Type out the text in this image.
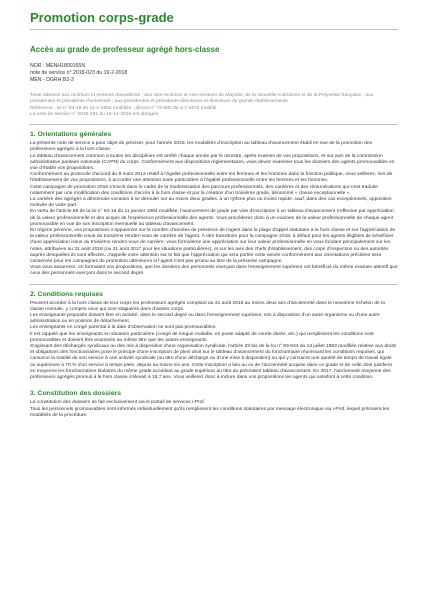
Promotion corps-grade
Accès au grade de professeur agrégé hors-classe
NOR : MENH1800165N
note de service n° 2018-023 du 19-2-2018
MEN - DGRH B2-3

Texte adressé aux rectrices et recteurs d'académie ; aux vice-rectrices et vice-recteurs de Mayotte, de la Nouvelle-Calédonie et de la Polynésie française ; aux présidentes et présidents d'université ; aux présidentes et présidents-directrices et directeurs de grands établissements

Référence : loi n° 84-16 du 11-1-1984 modifiée ; décret n° 72-580 du 4-7-1972 modifié

La note de service n° 2016-191 du 15-12-2016 est abrogée

1. Orientations générales

La présente note de service a pour objet de préciser, pour l'année 2018, les modalités d'inscription au tableau d'avancement établi en vue de la promotion des professeurs agrégés à la hors classe.

Le tableau d'avancement commun à toutes les disciplines est arrêté chaque année par le ministre, après examen de vos propositions, et sur avis de la commission administrative paritaire nationale (CAPN) du corps. Conformément aux dispositions réglementaires, vous devez examiner tous les dossiers des agents promouvables en vue d'établir vos propositions.

Conformément au protocole d'accord du 8 mars 2013 relatif à l'égalité professionnelle entre les femmes et les hommes dans la fonction publique, vous veillerez, lors de l'établissement de vos propositions, à accorder une attention toute particulière à l'égalité professionnelle entre les femmes et les hommes.

Cette campagne de promotion 2018 s'inscrit dans le cadre de la modernisation des parcours professionnels, des carrières et des rémunérations qui s'est traduite notamment par une modification des conditions d'accès à la hors classe et par la création d'un troisième grade, dénommé « classe exceptionnelle ».

La carrière des agrégés a désormais vocation à se dérouler sur au moins deux grades, à un rythme plus ou moins rapide, sauf, dans des cas exceptionnels, opposition motivée de votre part.

En vertu de l'article 58 de la loi n° 84-16 du 11 janvier 1984 modifiée, l'avancement de grade par voie d'inscription à un tableau d'avancement s'effectue par appréciation de la valeur professionnelle et des acquis de l'expérience professionnelle des agents. Vous procéderez donc à un examen de la valeur professionnelle de chaque agent promouvable en vue de son inscription éventuelle au tableau d'avancement.

En régime pérenne, vos propositions s'appuieront sur le nombre d'années de présence de l'agent dans la plage d'appel statutaire à la hors classe et sur l'appréciation de la valeur professionnelle issue du troisième rendez-vous de carrière de l'agent. À titre transitoire pour la campagne 2018, à défaut pour les agents éligibles de bénéficier d'une appréciation issue du troisième rendez-vous de carrière, vous formulerez une appréciation sur leur valeur professionnelle en vous fondant principalement sur les notes, attribuées au 31 août 2016 (ou 31 août 2017 pour les situations particulières), et sur les avis des chefs d'établissement, des corps d'inspection ou des autorités auprès desquelles ils sont affectés. J'appelle votre attention sur le fait que l'appréciation qui sera portée cette année conformément aux orientations précitées sera conservée pour les campagnes de promotion ultérieures si l'agent n'est pas promu au titre de la présente campagne.

Vous vous assurerez, en formulant vos propositions, que les dossiers des personnels exerçant dans l'enseignement supérieur ont bénéficié du même examen attentif que ceux des personnels exerçant dans le second degré.

2. Conditions requises

Peuvent accéder à la hors classe de leur corps les professeurs agrégés comptant au 31 août 2018 au moins deux ans d'ancienneté dans le neuvième échelon de la classe normale, y compris ceux qui sont stagiaires dans d'autres corps.

Les enseignants proposés doivent être en activité, dans le second degré ou dans l'enseignement supérieur, mis à disposition d'un autre organisme ou d'une autre administration ou en position de détachement.

Les enseignants en congé parental à la date d'observation ne sont pas promouvables.

Il est rappelé que les enseignants en situation particulière (congé de longue maladie, en poste adapté de courte durée, etc.) qui remplissent les conditions sont promouvables et doivent être examinés au même titre que les autres enseignants.

S'agissant des déchargés syndicaux ou des mis à disposition d'une organisation syndicale, l'article 23 bis de la loi n° 83-634 du 13 juillet 1983 modifiée relative aux droits et obligations des fonctionnaires pose le principe d'une inscription de plein droit sur le tableau d'avancement du fonctionnaire réunissant les conditions requises, qui consacre la totalité de son service à une activité syndicale (ou titre d'une décharge ou d'une mise à disposition) ou qui y consacre une quotité de temps de travail égale ou supérieure à 70 % d'un service à temps plein, depuis au moins six ans. Cette inscription a lieu au vu de l'ancienneté acquise dans ce grade et de celle dont justifient en moyenne les fonctionnaires titulaires du même grade accédant au grade supérieur au titre du précédent tableau d'avancement. En 2017, l'ancienneté moyenne des professeurs agrégés promus à la hors classe s'élevait à 18,7 ans. Vous veillerez donc à inclure dans vos propositions les agents qui satisfont à cette condition.

3. Constitution des dossiers

La constitution des dossiers se fait exclusivement via le portail de services i-Prof.

Tous les personnels promouvables sont informés individuellement qu'ils remplissent les conditions statutaires par message électronique via i-Prof, lequel précisera les modalités de la procédure.
